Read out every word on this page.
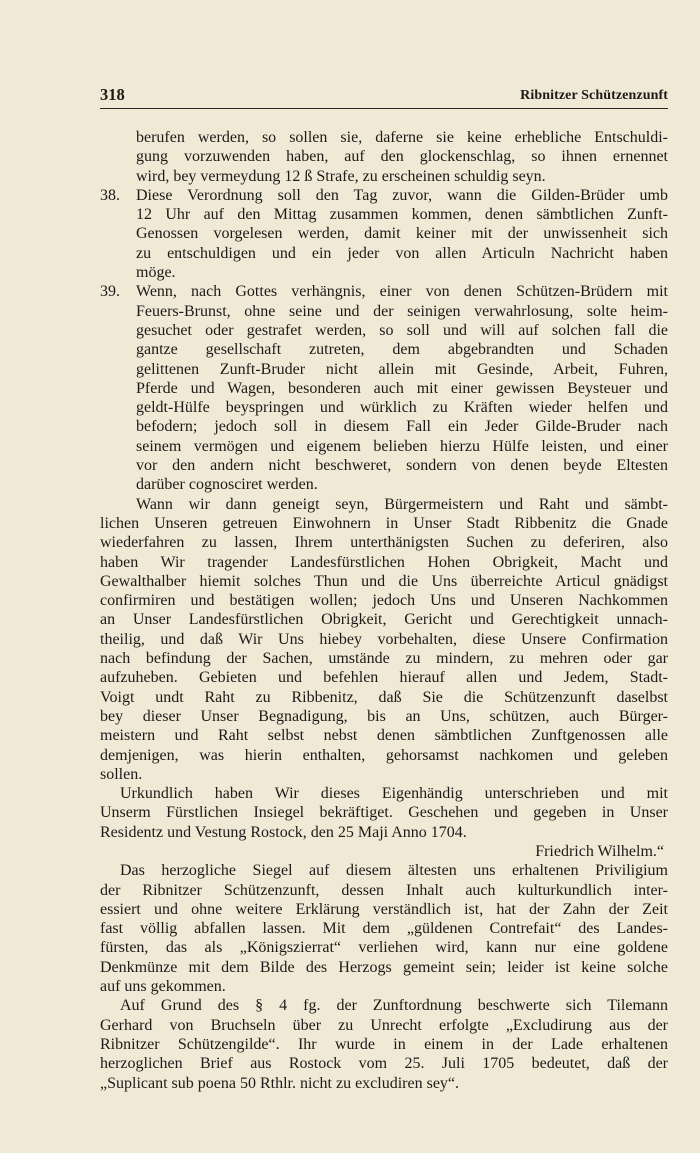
318	Ribnitzer Schützenzunft
berufen werden, so sollen sie, daferne sie keine erhebliche Entschuldi-
gung vorzuwenden haben, auf den glockenschlag, so ihnen ernennet
wird, bey vermeydung 12 ß Strafe, zu erscheinen schuldig seyn.
38. Diese Verordnung soll den Tag zuvor, wann die Gilden-Brüder umb
12 Uhr auf den Mittag zusammen kommen, denen sämbtlichen Zunft-
Genossen vorgelesen werden, damit keiner mit der unwissenheit sich
zu entschuldigen und ein jeder von allen Articuln Nachricht haben
möge.
39. Wenn, nach Gottes verhängnis, einer von denen Schützen-Brüdern mit
Feuers-Brunst, ohne seine und der seinigen verwahrlosung, solte heim-
gesuchet oder gestrafet werden, so soll und will auf solchen fall die
gantze gesellschaft zutreten, dem abgebrandten und Schaden
gelittenen Zunft-Bruder nicht allein mit Gesinde, Arbeit, Fuhren,
Pferde und Wagen, besonderen auch mit einer gewissen Beysteuer und
geldt-Hülfe beyspringen und würklich zu Kräften wieder helfen und
befodern; jedoch soll in diesem Fall ein Jeder Gilde-Bruder nach
seinem vermögen und eigenem belieben hierzu Hülfe leisten, und einer
vor den andern nicht beschweret, sondern von denen beyde Eltesten
darüber cognosciret werden.
Wann wir dann geneigt seyn, Bürgermeistern und Raht und sämbt-
lichen Unseren getreuen Einwohnern in Unser Stadt Ribbenitz die Gnade
wiederfahren zu lassen, Ihrem unterthänigsten Suchen zu deferiren, also
haben Wir tragender Landesfürstlichen Hohen Obrigkeit, Macht und
Gewalthalber hiemit solches Thun und die Uns überreichte Articul gnädigst
confirmiren und bestätigen wollen; jedoch Uns und Unseren Nachkommen
an Unser Landesfürstlichen Obrigkeit, Gericht und Gerechtigkeit unnach-
theilig, und daß Wir Uns hiebey vorbehalten, diese Unsere Confirmation
nach befindung der Sachen, umstände zu mindern, zu mehren oder gar
aufzuheben. Gebieten und befehlen hierauf allen und Jedem, Stadt-
Voigt undt Raht zu Ribbenitz, daß Sie die Schützenzunft daselbst
bey dieser Unser Begnadigung, bis an Uns, schützen, auch Bürger-
meistern und Raht selbst nebst denen sämbtlichen Zunftgenossen alle
demjenigen, was hierin enthalten, gehorsamst nachkomen und geleben
sollen.
Urkundlich haben Wir dieses Eigenhändig unterschrieben und mit
Unserm Fürstlichen Insiegel bekräftiget. Geschehen und gegeben in Unser
Residentz und Vestung Rostock, den 25 Maji Anno 1704.
Friedrich Wilhelm.“
Das herzogliche Siegel auf diesem ältesten uns erhaltenen Priviligium
der Ribnitzer Schützenzunft, dessen Inhalt auch kulturkundlich inter-
essiert und ohne weitere Erklärung verständlich ist, hat der Zahn der Zeit
fast völlig abfallen lassen. Mit dem „güldenen Contrefait“ des Landes-
fürsten, das als „Königszierrat“ verliehen wird, kann nur eine goldene
Denkmünze mit dem Bilde des Herzogs gemeint sein; leider ist keine solche
auf uns gekommen.
Auf Grund des § 4 fg. der Zunftordnung beschwerte sich Tilemann
Gerhard von Bruchseln über zu Unrecht erfolgte „Excludirung aus der
Ribnitzer Schützengilde“. Ihr wurde in einem in der Lade erhaltenen
herzoglichen Brief aus Rostock vom 25. Juli 1705 bedeutet, daß der
„Suplicant sub poena 50 Rthlr. nicht zu excludiren sey“.
